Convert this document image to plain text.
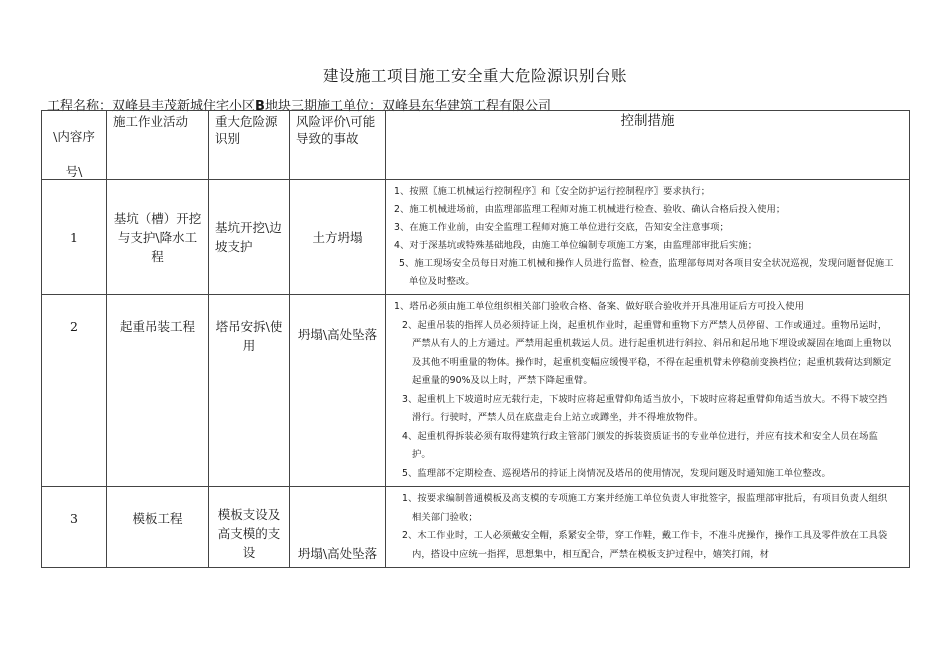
建设施工项目施工安全重大危险源识别台账
工程名称：双峰县丰茂新城住宅小区B地块三期施工单位：双峰县东华建筑工程有限公司
\内容序
号\	施工作业活动	重大危险源识别	风险评价\可能导致的事故	控制措施
1	基坑（槽）开挖与支护\降水工程	基坑开挖\边坡支护	土方坍塌	1、按照〖施工机械运行控制程序〗和〖安全防护运行控制程序〗要求执行；
2、施工机械进场前，由监理部监理工程师对施工机械进行检查、验收、确认合格后投入使用；
3、在施工作业前，由安全监理工程师对施工单位进行交底，告知安全注意事项；
4、对于深基坑或特殊基础地段，由施工单位编制专项施工方案，由监理部审批后实施；
5、施工现场安全员每日对施工机械和操作人员进行监督、检查，监理部每周对各项目安全状况巡视，发现问题督促施工单位及时整改。

2	起重吊装工程	塔吊安拆\使用	坍塌\高处坠落	1、塔吊必须由施工单位组织相关部门验收合格、备案、做好联合验收并开具准用证后方可投入使用
2、起重吊装的指挥人员必须持证上岗，起重机作业时，起重臂和重物下方严禁人员停留、工作或通过。重物吊运时，严禁从有人的上方通过。严禁用起重机载运人员。进行起重机进行斜拉、斜吊和起吊地下埋设或凝固在地面上重物以及其他不明重量的物体。操作时，起重机变幅应缓慢平稳，不得在起重机臂未停稳前变换档位；起重机载荷达到额定起重量的90%及以上时，严禁下降起重臂。
3、起重机上下坡道时应无载行走，下坡时应将起重臂仰角适当放小，下坡时应将起重臂仰角适当放大。不得下坡空挡滑行。行驶时，严禁人员在底盘走台上站立或蹲坐，并不得堆放物件。
4、起重机得拆装必须有取得建筑行政主管部门颁发的拆装资质证书的专业单位进行，并应有技术和安全人员在场监护。
5、监理部不定期检查、巡视塔吊的持证上岗情况及塔吊的使用情况，发现问题及时通知施工单位整改。

3	模板工程	模板支设及高支模的支设	坍塌\高处坠落	1、按要求编制普通模板及高支模的专项施工方案并经施工单位负责人审批签字，报监理部审批后，有项目负责人组织相关部门验收；
2、木工作业时，工人必须戴安全帽，系紧安全带，穿工作鞋，戴工作卡，不准斗虎操作，操作工具及零件放在工具袋内，搭设中应统一指挥，思想集中，相互配合，严禁在模板支护过程中，嬉笑打闹，材
